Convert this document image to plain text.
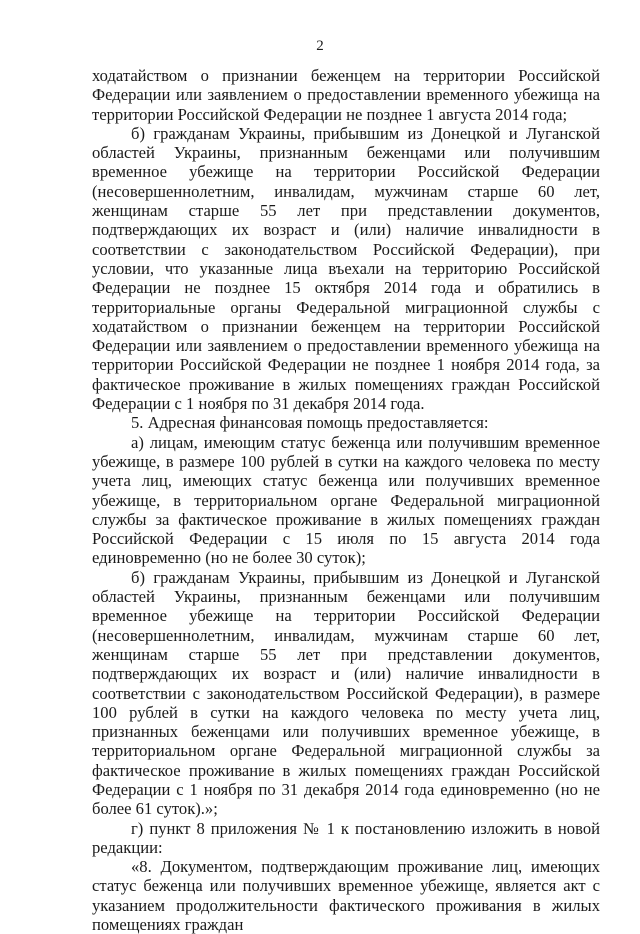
2

ходатайством о признании беженцем на территории Российской Федерации или заявлением о предоставлении временного убежища на территории Российской Федерации не позднее 1 августа 2014 года;

б) гражданам Украины, прибывшим из Донецкой и Луганской областей Украины, признанным беженцами или получившим временное убежище на территории Российской Федерации (несовершеннолетним, инвалидам, мужчинам старше 60 лет, женщинам старше 55 лет при представлении документов, подтверждающих их возраст и (или) наличие инвалидности в соответствии с законодательством Российской Федерации), при условии, что указанные лица въехали на территорию Российской Федерации не позднее 15 октября 2014 года и обратились в территориальные органы Федеральной миграционной службы с ходатайством о признании беженцем на территории Российской Федерации или заявлением о предоставлении временного убежища на территории Российской Федерации не позднее 1 ноября 2014 года, за фактическое проживание в жилых помещениях граждан Российской Федерации с 1 ноября по 31 декабря 2014 года.

5. Адресная финансовая помощь предоставляется:

а) лицам, имеющим статус беженца или получившим временное убежище, в размере 100 рублей в сутки на каждого человека по месту учета лиц, имеющих статус беженца или получивших временное убежище, в территориальном органе Федеральной миграционной службы за фактическое проживание в жилых помещениях граждан Российской Федерации с 15 июля по 15 августа 2014 года единовременно (но не более 30 суток);

б) гражданам Украины, прибывшим из Донецкой и Луганской областей Украины, признанным беженцами или получившим временное убежище на территории Российской Федерации (несовершеннолетним, инвалидам, мужчинам старше 60 лет, женщинам старше 55 лет при представлении документов, подтверждающих их возраст и (или) наличие инвалидности в соответствии с законодательством Российской Федерации), в размере 100 рублей в сутки на каждого человека по месту учета лиц, признанных беженцами или получивших временное убежище, в территориальном органе Федеральной миграционной службы за фактическое проживание в жилых помещениях граждан Российской Федерации с 1 ноября по 31 декабря 2014 года единовременно (но не более 61 суток).»;

г) пункт 8 приложения № 1 к постановлению изложить в новой редакции:

«8. Документом, подтверждающим проживание лиц, имеющих статус беженца или получивших временное убежище, является акт с указанием продолжительности фактического проживания в жилых помещениях граждан
